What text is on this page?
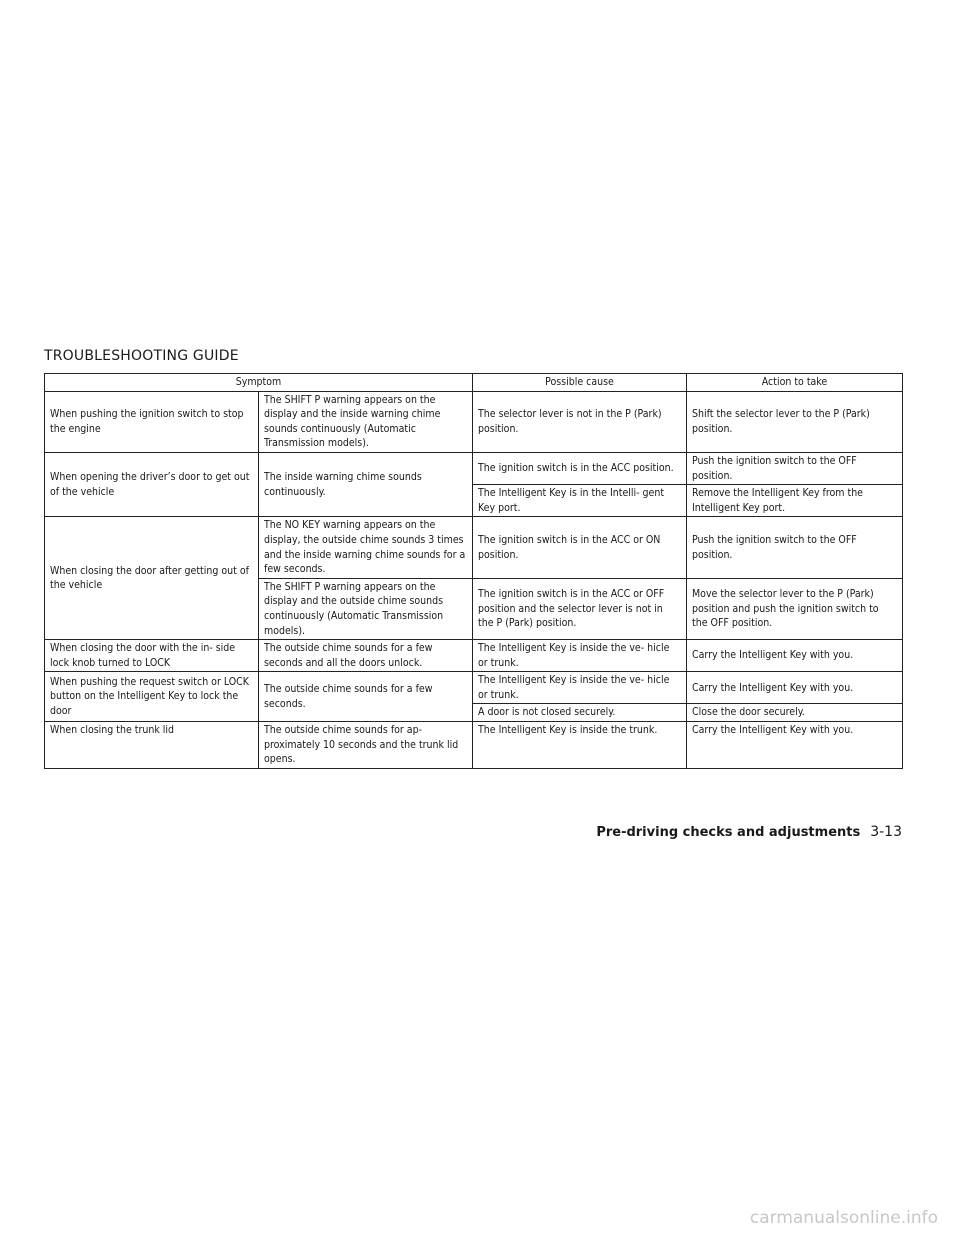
TROUBLESHOOTING GUIDE
Symptom		Possible cause	Action to take
When pushing the ignition switch to stop the engine	The SHIFT P warning appears on the display and the inside warning chime sounds continuously (Automatic Transmission models).	The selector lever is not in the P (Park) position.	Shift the selector lever to the P (Park) position.
When opening the driver’s door to get out of the vehicle	The inside warning chime sounds continuously.	The ignition switch is in the ACC position.	Push the ignition switch to the OFF position.
		The Intelligent Key is in the Intelli- gent Key port.	Remove the Intelligent Key from the Intelligent Key port.
When closing the door after getting out of the vehicle	The NO KEY warning appears on the display, the outside chime sounds 3 times and the inside warning chime sounds for a few seconds.	The ignition switch is in the ACC or ON position.	Push the ignition switch to the OFF position.
	The SHIFT P warning appears on the display and the outside chime sounds continuously (Automatic Transmission models).	The ignition switch is in the ACC or OFF position and the selector lever is not in the P (Park) position.	Move the selector lever to the P (Park) position and push the ignition switch to the OFF position.
When closing the door with the in- side lock knob turned to LOCK	The outside chime sounds for a few seconds and all the doors unlock.	The Intelligent Key is inside the ve- hicle or trunk.	Carry the Intelligent Key with you.
When pushing the request switch or LOCK button on the Intelligent Key to lock the door	The outside chime sounds for a few seconds.	The Intelligent Key is inside the ve- hicle or trunk.	Carry the Intelligent Key with you.
		A door is not closed securely.	Close the door securely.
When closing the trunk lid	The outside chime sounds for ap- proximately 10 seconds and the trunk lid opens.	The Intelligent Key is inside the trunk.	Carry the Intelligent Key with you.
Pre-driving checks and adjustments 3-13
carmanualsonline.info
